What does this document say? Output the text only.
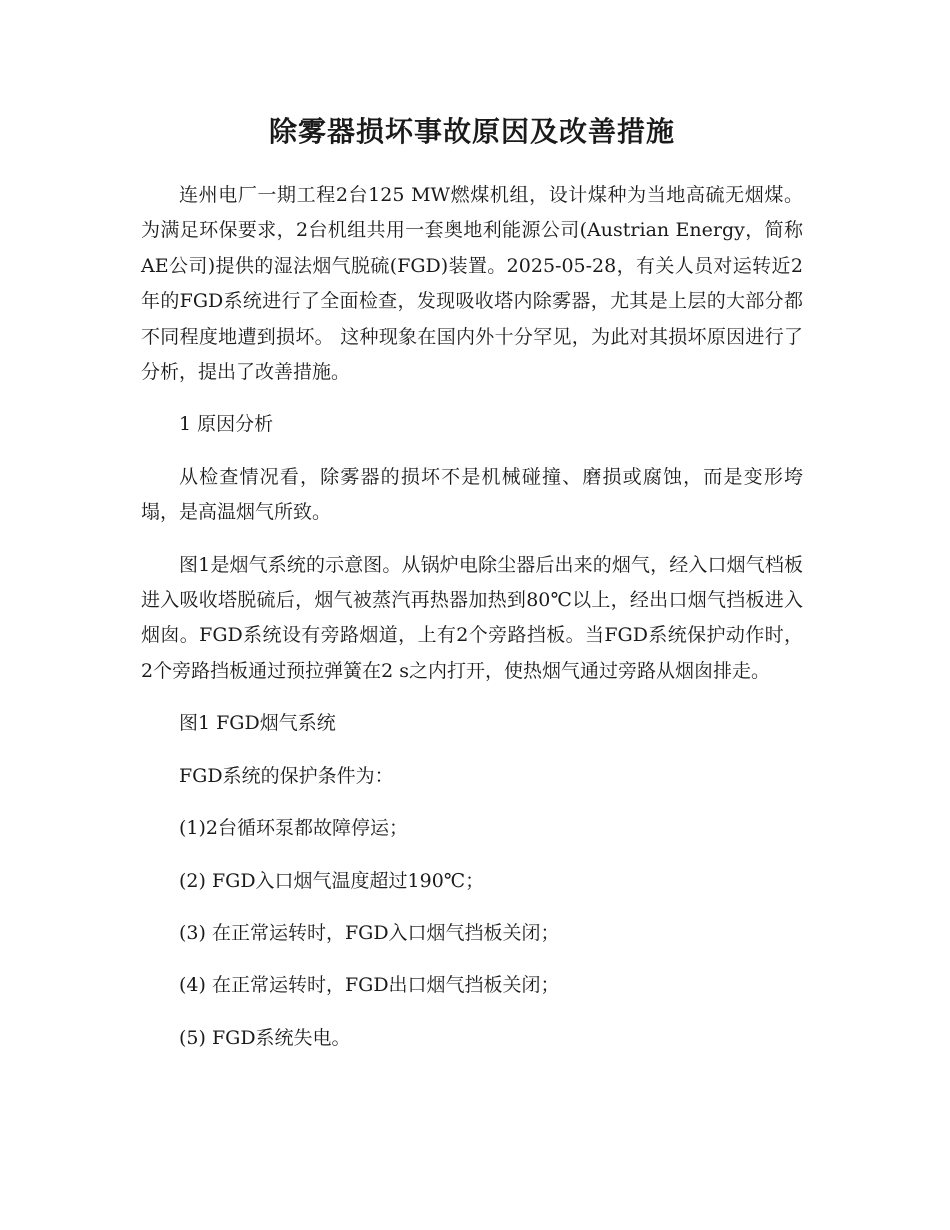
除雾器损坏事故原因及改善措施

连州电厂一期工程2台125 MW燃煤机组，设计煤种为当地高硫无烟煤。为满足环保要求，2台机组共用一套奥地利能源公司(Austrian Energy，简称AE公司)提供的湿法烟气脱硫(FGD)装置。2025-05-28，有关人员对运转近2年的FGD系统进行了全面检查，发现吸收塔内除雾器，尤其是上层的大部分都不同程度地遭到损坏。 这种现象在国内外十分罕见，为此对其损坏原因进行了分析，提出了改善措施。

1 原因分析

从检查情况看，除雾器的损坏不是机械碰撞、磨损或腐蚀，而是变形垮塌，是高温烟气所致。

图1是烟气系统的示意图。从锅炉电除尘器后出来的烟气，经入口烟气档板进入吸收塔脱硫后，烟气被蒸汽再热器加热到80℃以上，经出口烟气挡板进入烟囱。FGD系统设有旁路烟道，上有2个旁路挡板。当FGD系统保护动作时，2个旁路挡板通过预拉弹簧在2 s之内打开，使热烟气通过旁路从烟囱排走。

图1 FGD烟气系统

FGD系统的保护条件为：

(1)2台循环泵都故障停运；

(2) FGD入口烟气温度超过190℃；

(3) 在正常运转时，FGD入口烟气挡板关闭；

(4) 在正常运转时，FGD出口烟气挡板关闭；

(5) FGD系统失电。
